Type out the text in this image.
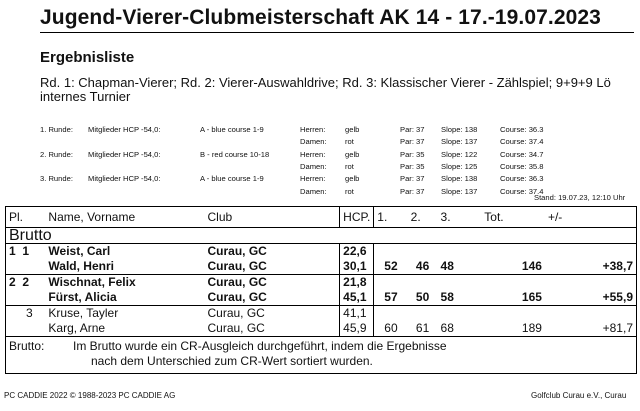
Jugend-Vierer-Clubmeisterschaft AK 14 - 17.-19.07.2023
Ergebnisliste
Rd. 1: Chapman-Vierer; Rd. 2: Vierer-Auswahldrive; Rd. 3: Klassischer Vierer - Zählspiel; 9+9+9 Lö internes Turnier
1. Runde: Mitglieder HCP -54,0:	A - blue course 1-9	Herren:	gelb	Par: 37 Slope: 138	Course: 36.3
Damen: rot	Par: 37 Slope: 137	Course: 37.4
2. Runde: Mitglieder HCP -54,0:	B - red course 10-18	Herren:	gelb	Par: 35 Slope: 122	Course: 34.7
Damen: rot	Par: 35 Slope: 125	Course: 35.8
3. Runde: Mitglieder HCP -54,0:	A - blue course 1-9	Herren:	gelb	Par: 37 Slope: 138	Course: 36.3
Damen: rot	Par: 37 Slope: 137	Course: 37.4
Stand: 19.07.23, 12:10 Uhr
Pl.	Name, Vorname	Club	HCP.	1.	2.	3.	Tot.	+/-
Brutto								
1 1	Weist, Carl	Curau, GC	22,6					
	Wald, Henri	Curau, GC	30,1	52	46	48	146	+38,7
2 2	Wischnat, Felix	Curau, GC	21,8					
	Fürst, Alicia	Curau, GC	45,1	57	50	58	165	+55,9
3	Kruse, Tayler	Curau, GC	41,1					
	Karg, Arne	Curau, GC	45,9	60	61	68	189	+81,7

Brutto: Im Brutto wurde ein CR-Ausgleich durchgeführt, indem die Ergebnisse
nach dem Unterschied zum CR-Wert sortiert wurden.								
PC CADDIE 2022 © 1988-2023 PC CADDIE AG	Golfclub Curau e.V., Curau
